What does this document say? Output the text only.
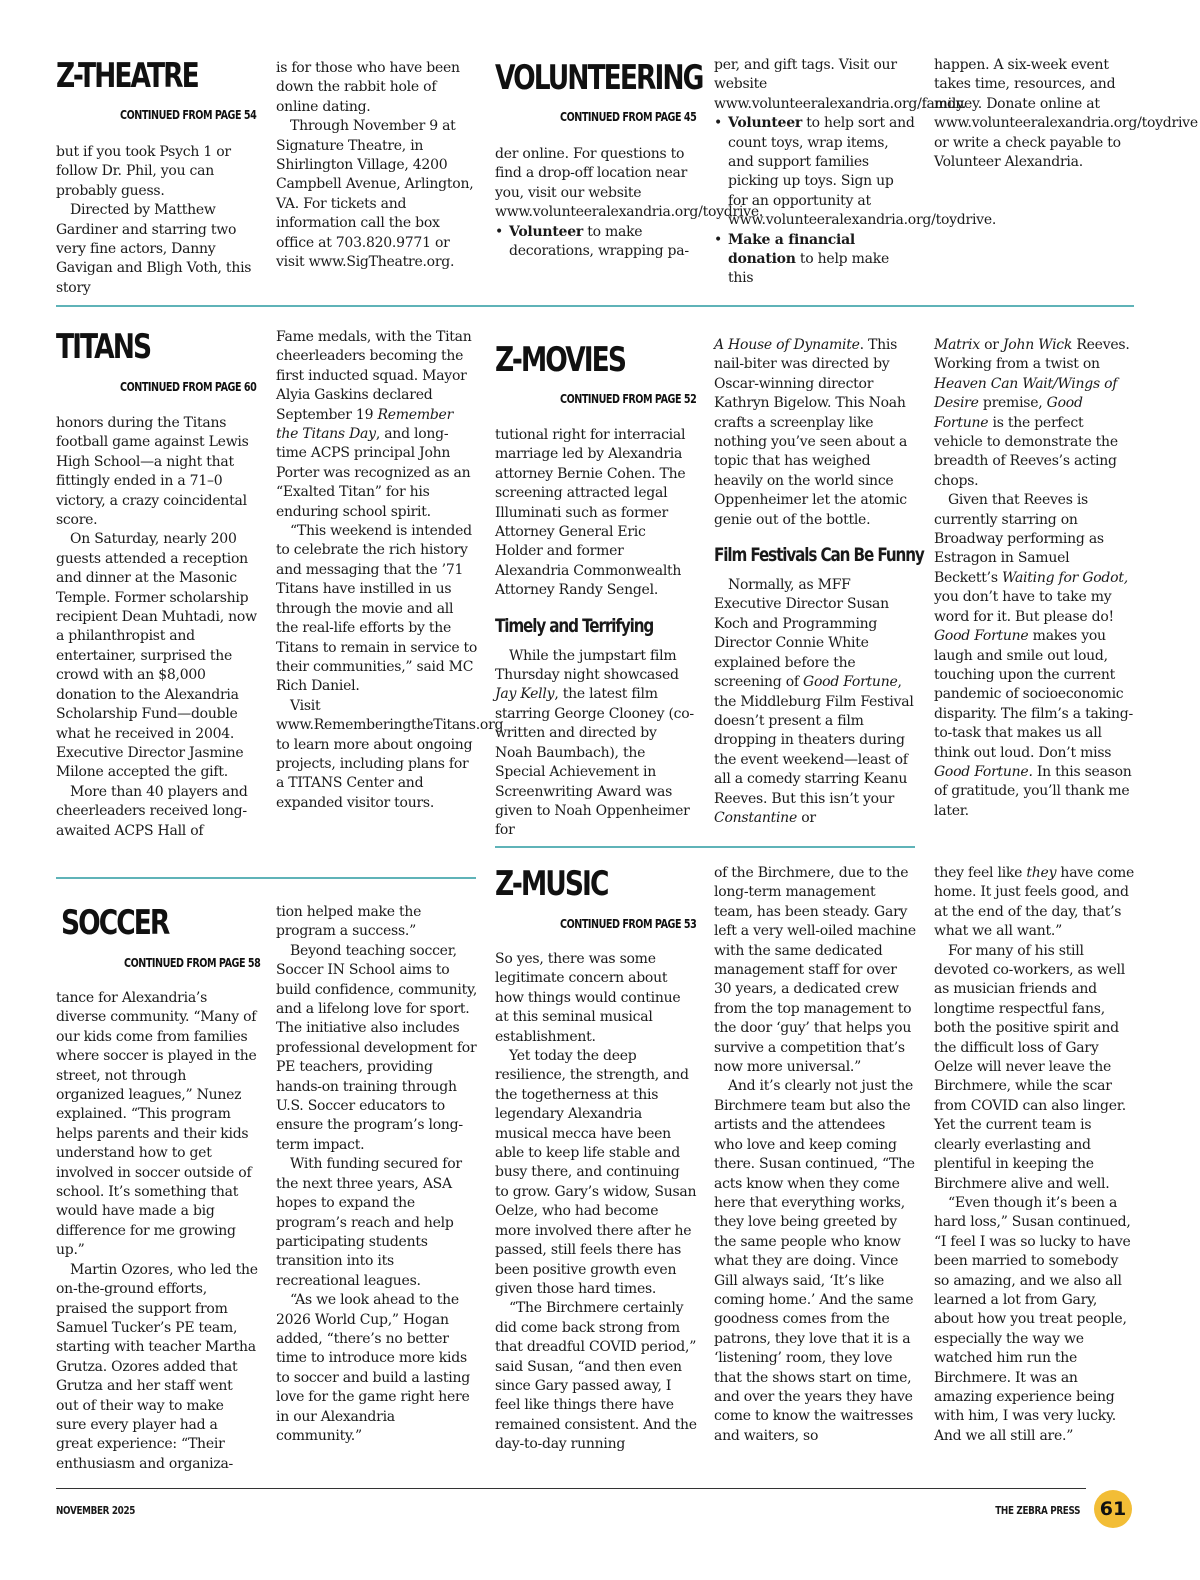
Z-THEATRE
CONTINUED FROM PAGE 54

but if you took Psych 1 or follow Dr. Phil, you can probably guess.

Directed by Matthew Gardiner and starring two very fine actors, Danny Gavigan and Bligh Voth, this story

is for those who have been down the rabbit hole of online dating.

Through November 9 at Signature Theatre, in Shirlington Village, 4200 Campbell Avenue, Arlington, VA. For tickets and information call the box office at 703.820.9771 or visit www.SigTheatre.org.

VOLUNTEERING
CONTINUED FROM PAGE 45

der online. For questions to find a drop-off location near you, visit our website www.volunteeralexandria.org/toydrive.

• Volunteer to make decorations, wrapping pa-

per, and gift tags. Visit our website www.volunteeralexandria.org/family.

• Volunteer to help sort and count toys, wrap items, and support families picking up toys. Sign up for an opportunity at www.volunteeralexandria.org/toydrive.
• Make a financial donation to help make this

happen. A six-week event takes time, resources, and money. Donate online at www.volunteeralexandria.org/toydrive or write a check payable to Volunteer Alexandria.

TITANS
CONTINUED FROM PAGE 60

honors during the Titans football game against Lewis High School—a night that fittingly ended in a 71–0 victory, a crazy coincidental score.

On Saturday, nearly 200 guests attended a reception and dinner at the Masonic Temple. Former scholarship recipient Dean Muhtadi, now a philanthropist and entertainer, surprised the crowd with an $8,000 donation to the Alexandria Scholarship Fund—double what he received in 2004. Executive Director Jasmine Milone accepted the gift.

More than 40 players and cheerleaders received long-awaited ACPS Hall of

Fame medals, with the Titan cheerleaders becoming the first inducted squad. Mayor Alyia Gaskins declared September 19 Remember the Titans Day, and long-time ACPS principal John Porter was recognized as an “Exalted Titan” for his enduring school spirit.

“This weekend is intended to celebrate the rich history and messaging that the ’71 Titans have instilled in us through the movie and all the real-life efforts by the Titans to remain in service to their communities,” said MC Rich Daniel.

Visit www.RememberingtheTitans.org to learn more about ongoing projects, including plans for a TITANS Center and expanded visitor tours.

Z-MOVIES
CONTINUED FROM PAGE 52

tutional right for interracial marriage led by Alexandria attorney Bernie Cohen. The screening attracted legal Illuminati such as former Attorney General Eric Holder and former Alexandria Commonwealth Attorney Randy Sengel.

Timely and Terrifying

While the jumpstart film Thursday night showcased Jay Kelly, the latest film starring George Clooney (co-written and directed by Noah Baumbach), the Special Achievement in Screenwriting Award was given to Noah Oppenheimer for

A House of Dynamite. This nail-biter was directed by Oscar-winning director Kathryn Bigelow. This Noah crafts a screenplay like nothing you’ve seen about a topic that has weighed heavily on the world since Oppenheimer let the atomic genie out of the bottle.

Film Festivals Can Be Funny

Normally, as MFF Executive Director Susan Koch and Programming Director Connie White explained before the screening of Good Fortune, the Middleburg Film Festival doesn’t present a film dropping in theaters during the event weekend—least of all a comedy starring Keanu Reeves. But this isn’t your Constantine or

Matrix or John Wick Reeves. Working from a twist on Heaven Can Wait/Wings of Desire premise, Good Fortune is the perfect vehicle to demonstrate the breadth of Reeves’s acting chops.

Given that Reeves is currently starring on Broadway performing as Estragon in Samuel Beckett’s Waiting for Godot, you don’t have to take my word for it. But please do! Good Fortune makes you laugh and smile out loud, touching upon the current pandemic of socioeconomic disparity. The film’s a taking-to-task that makes us all think out loud. Don’t miss Good Fortune. In this season of gratitude, you’ll thank me later.

SOCCER
CONTINUED FROM PAGE 58

tance for Alexandria’s diverse community. “Many of our kids come from families where soccer is played in the street, not through organized leagues,” Nunez explained. “This program helps parents and their kids understand how to get involved in soccer outside of school. It’s something that would have made a big difference for me growing up.”

Martin Ozores, who led the on-the-ground efforts, praised the support from Samuel Tucker’s PE team, starting with teacher Martha Grutza. Ozores added that Grutza and her staff went out of their way to make sure every player had a great experience: “Their enthusiasm and organiza-

tion helped make the program a success.”

Beyond teaching soccer, Soccer IN School aims to build confidence, community, and a lifelong love for sport. The initiative also includes professional development for PE teachers, providing hands-on training through U.S. Soccer educators to ensure the program’s long-term impact.

With funding secured for the next three years, ASA hopes to expand the program’s reach and help participating students transition into its recreational leagues.

“As we look ahead to the 2026 World Cup,” Hogan added, “there’s no better time to introduce more kids to soccer and build a lasting love for the game right here in our Alexandria community.”

Z-MUSIC
CONTINUED FROM PAGE 53

So yes, there was some legitimate concern about how things would continue at this seminal musical establishment.

Yet today the deep resilience, the strength, and the togetherness at this legendary Alexandria musical mecca have been able to keep life stable and busy there, and continuing to grow. Gary’s widow, Susan Oelze, who had become more involved there after he passed, still feels there has been positive growth even given those hard times.

“The Birchmere certainly did come back strong from that dreadful COVID period,” said Susan, “and then even since Gary passed away, I feel like things there have remained consistent. And the day-to-day running

of the Birchmere, due to the long-term management team, has been steady. Gary left a very well-oiled machine with the same dedicated management staff for over 30 years, a dedicated crew from the top management to the door ‘guy’ that helps you survive a competition that’s now more universal.”

And it’s clearly not just the Birchmere team but also the artists and the attendees who love and keep coming there. Susan continued, “The acts know when they come here that everything works, they love being greeted by the same people who know what they are doing. Vince Gill always said, ‘It’s like coming home.’ And the same goodness comes from the patrons, they love that it is a ‘listening’ room, they love that the shows start on time, and over the years they have come to know the waitresses and waiters, so

they feel like they have come home. It just feels good, and at the end of the day, that’s what we all want.”

For many of his still devoted co-workers, as well as musician friends and longtime respectful fans, both the positive spirit and the difficult loss of Gary Oelze will never leave the Birchmere, while the scar from COVID can also linger. Yet the current team is clearly everlasting and plentiful in keeping the Birchmere alive and well.

“Even though it’s been a hard loss,” Susan continued, “I feel I was so lucky to have been married to somebody so amazing, and we also all learned a lot from Gary, about how you treat people, especially the way we watched him run the Birchmere. It was an amazing experience being with him, I was very lucky. And we all still are.”

NOVEMBER 2025	THE ZEBRA PRESS	61
